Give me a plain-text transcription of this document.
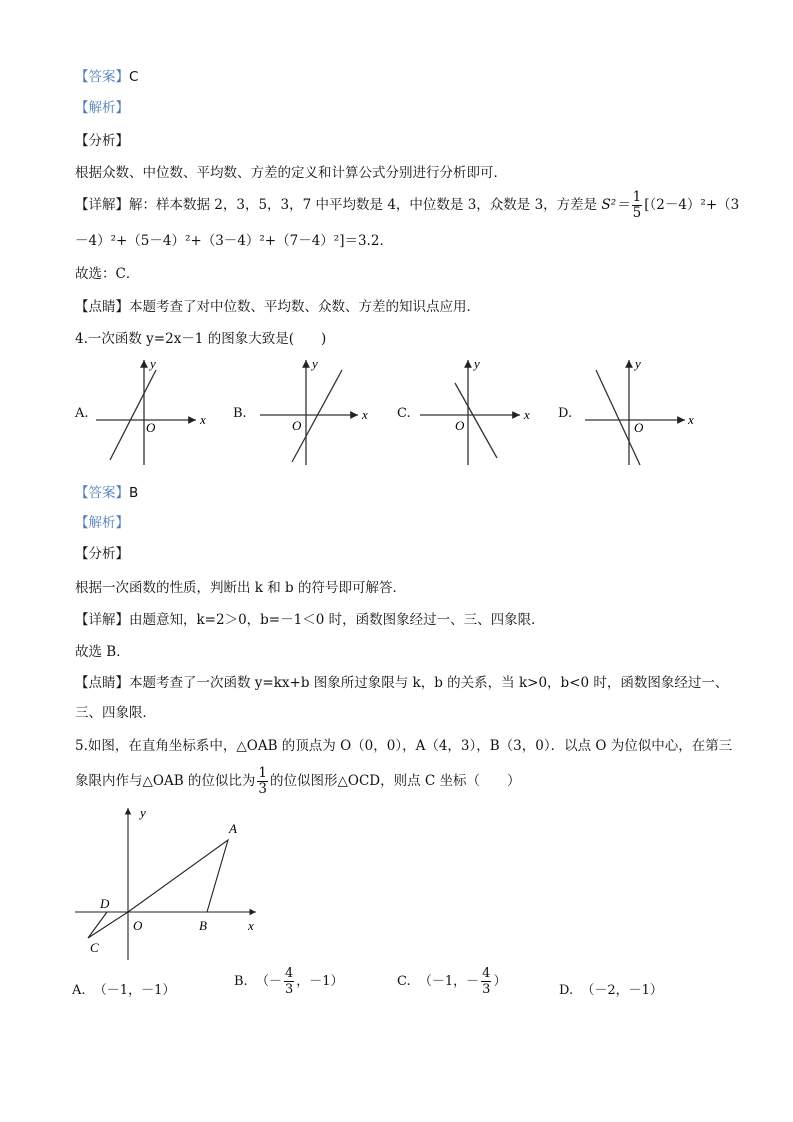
【答案】C
【解析】
【分析】
根据众数、中位数、平均数、方差的定义和计算公式分别进行分析即可．
【详解】解：样本数据 2，3，5，3，7 中平均数是 4，中位数是 3，众数是 3，方差是 $S^2= \frac{1}{5} [(2-4)^2+(3$
－4）²+（5－4）²+（3－4）²+（7－4）²]＝3.2．
故选：C．
【点睛】本题考查了对中位数、平均数、众数、方差的知识点应用．
4.一次函数 y=2x－1 的图象大致是(　　)
A.	B.	C.	D.
x
y
O
x
y
O
x
y
O	x
y
O
y
A
D
O	B	x
C
【答案】B
【解析】
【分析】
根据一次函数的性质，判断出 k 和 b 的符号即可解答．
【详解】由题意知，k=2＞0，b=－1＜0 时，函数图象经过一、三、四象限．
故选 B．
【点睛】本题考查了一次函数 y=kx+b 图象所过象限与 k，b 的关系，当 k>0，b<0 时，函数图象经过一、
三、四象限．
5.如图，在直角坐标系中，△OAB 的顶点为 O（0，0），A（4，3），B（3，0）．以点 O 为位似中心，在第三
象限内作与△OAB 的位似比为 $\frac{1}{3}$ 的位似图形△OCD，则点 C 坐标（　　）
A. （－1，－1）
B. （－ $\frac{4}{3}$ ，－1）	C. （－1，－ $\frac{4}{3}$ ）
D. （－2，－1）
